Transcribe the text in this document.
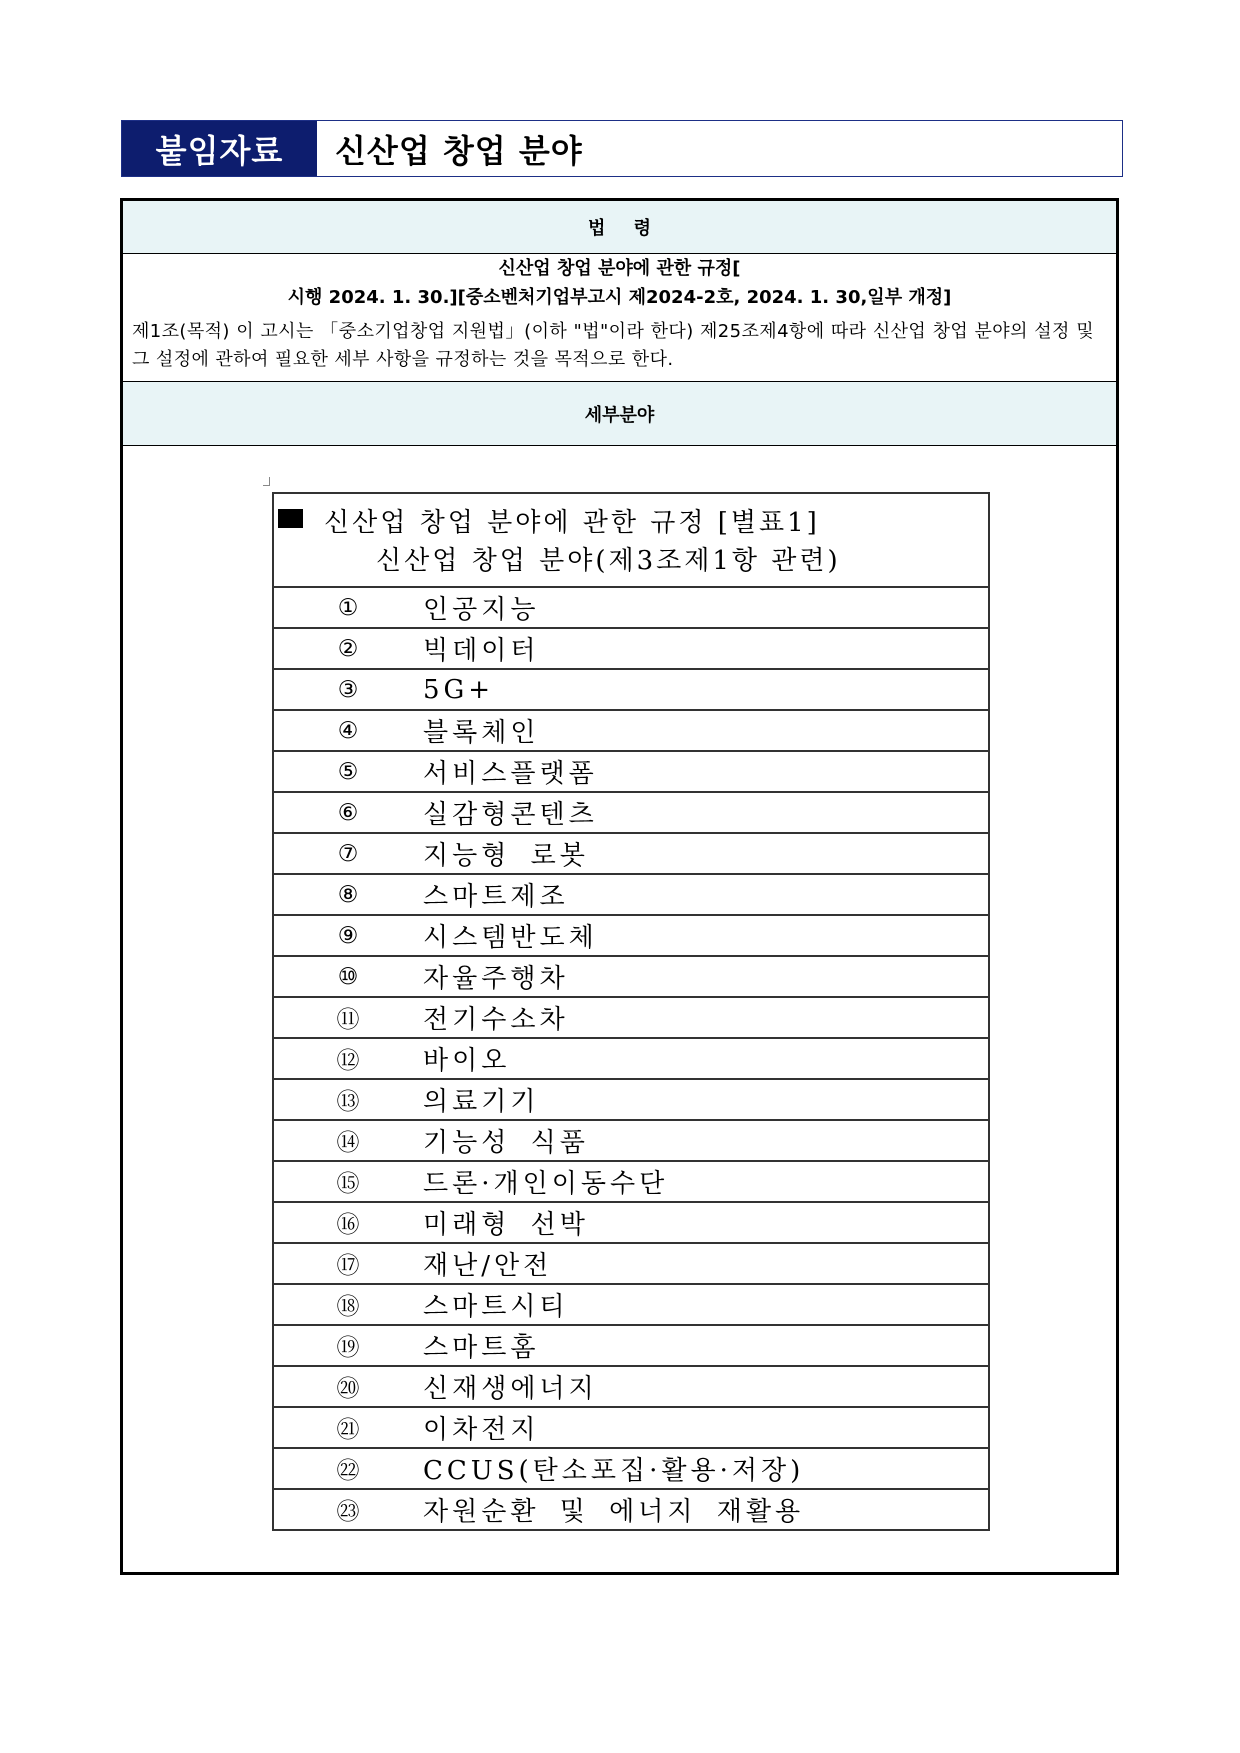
붙임자료	신산업 창업 분야
법 령
신산업 창업 분야에 관한 규정[
시행 2024. 1. 30.][중소벤처기업부고시 제2024-2호, 2024. 1. 30,일부 개정]
제1조(목적) 이 고시는 「중소기업창업 지원법」(이하 "법"이라 한다) 제25조제4항에 따라 신산업 창업 분야의 설정 및 그 설정에 관하여 필요한 세부 사항을 규정하는 것을 목적으로 한다.
세부분야
신산업 창업 분야에 관한 규정 [별표1]
신산업 창업 분야(제3조제1항 관련)
① 인공지능
② 빅데이터
③ 5G+
④ 블록체인
⑤ 서비스플랫폼
⑥ 실감형콘텐츠
⑦ 지능형 로봇
⑧ 스마트제조
⑨ 시스템반도체
⑩ 자율주행차
⑪ 전기수소차
⑫ 바이오
⑬ 의료기기
⑭ 기능성 식품
⑮ 드론·개인이동수단
⑯ 미래형 선박
⑰ 재난/안전
⑱ 스마트시티
⑲ 스마트홈
⑳ 신재생에너지
㉑ 이차전지
㉒ CCUS(탄소포집·활용·저장)
㉓ 자원순환 및 에너지 재활용
